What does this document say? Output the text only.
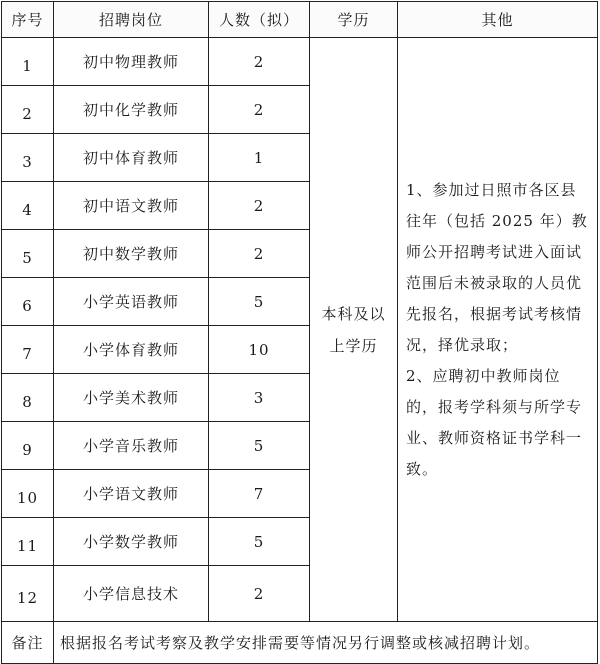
序号	招聘岗位	人数（拟）	学历	其他
1	初中物理教师	2	本科及以上学历	1、参加过日照市各区县往年（包括 2025 年）教师公开招聘考试进入面试范围后未被录取的人员优先报名，根据考试考核情况，择优录取；
2、应聘初中教师岗位的，报考学科须与所学专业、教师资格证书学科一致。

2	初中化学教师	2		
3	初中体育教师	1		
4	初中语文教师	2		
5	初中数学教师	2		
6	小学英语教师	5		
7	小学体育教师	10		
8	小学美术教师	3		
9	小学音乐教师	5		
10	小学语文教师	7		
11	小学数学教师	5		
12	小学信息技术	2		
备注	根据报名考试考察及教学安排需要等情况另行调整或核减招聘计划。			
